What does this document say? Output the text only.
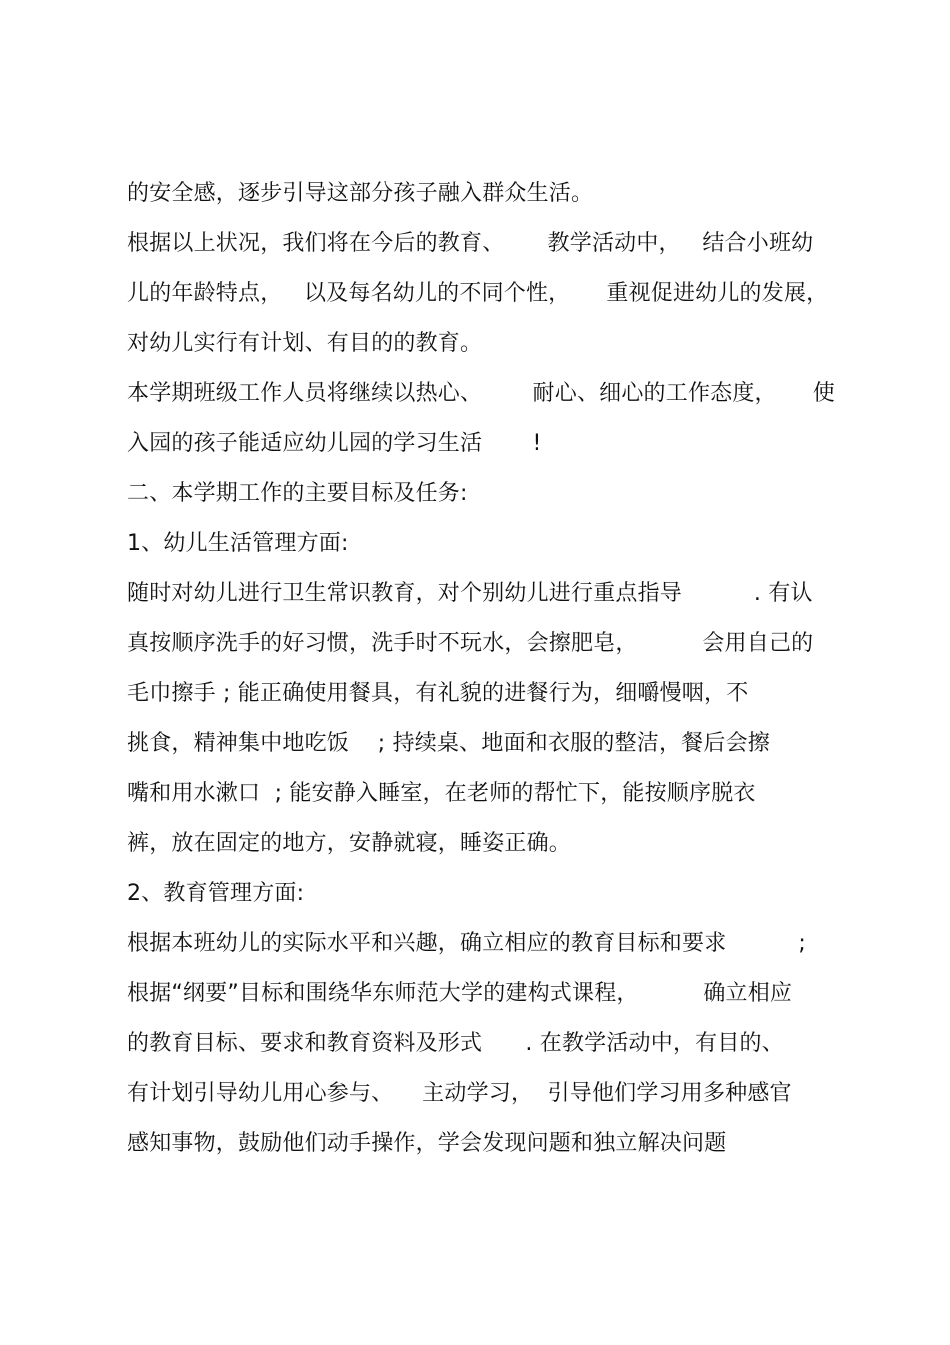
的安全感，逐步引导这部分孩子融入群众生活。
根据以上状况，我们将在今后的教育、      教学活动中，   结合小班幼
儿的年龄特点，   以及每名幼儿的不同个性，     重视促进幼儿的发展，
对幼儿实行有计划、有目的的教育。
本学期班级工作人员将继续以热心、       耐心、细心的工作态度，     使
入园的孩子能适应幼儿园的学习生活       !
二、本学期工作的主要目标及任务:
1、幼儿生活管理方面:
随时对幼儿进行卫生常识教育，对个别幼儿进行重点指导          . 有认
真按顺序洗手的好习惯，洗手时不玩水，会擦肥皂，         会用自己的
毛巾擦手 ; 能正确使用餐具，有礼貌的进餐行为，细嚼慢咽，不
挑食，精神集中地吃饭    ; 持续桌、地面和衣服的整洁，餐后会擦
嘴和用水漱口  ; 能安静入睡室，在老师的帮忙下，能按顺序脱衣
裤，放在固定的地方，安静就寝，睡姿正确。
2、教育管理方面:
根据本班幼儿的实际水平和兴趣，确立相应的教育目标和要求          ;
根据“纲要”目标和围绕华东师范大学的建构式课程，         确立相应
的教育目标、要求和教育资料及形式      . 在教学活动中，有目的、
有计划引导幼儿用心参与、    主动学习，  引导他们学习用多种感官
感知事物，鼓励他们动手操作，学会发现问题和独立解决问题
